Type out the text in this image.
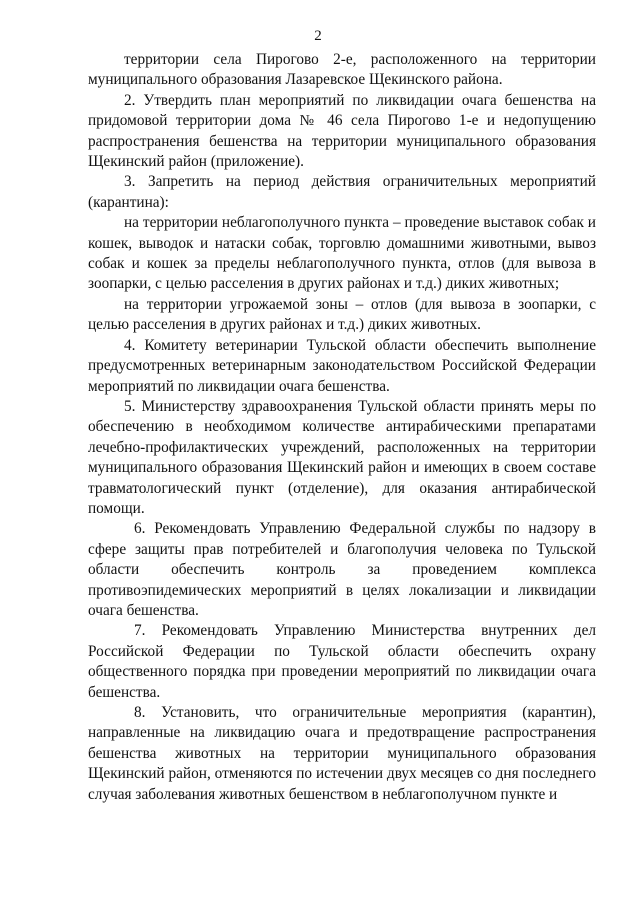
2

территории села Пирогово 2-е, расположенного на территории муниципального образования Лазаревское Щекинского района.

2. Утвердить план мероприятий по ликвидации очага бешенства на придомовой территории дома № 46 села Пирогово 1-е и недопущению распространения бешенства на территории муниципального образования Щекинский район (приложение).

3. Запретить на период действия ограничительных мероприятий (карантина):

на территории неблагополучного пункта – проведение выставок собак и кошек, выводок и натаски собак, торговлю домашними животными, вывоз собак и кошек за пределы неблагополучного пункта, отлов (для вывоза в зоопарки, с целью расселения в других районах и т.д.) диких животных;

на территории угрожаемой зоны – отлов (для вывоза в зоопарки, с целью расселения в других районах и т.д.) диких животных.

4. Комитету ветеринарии Тульской области обеспечить выполнение предусмотренных ветеринарным законодательством Российской Федерации мероприятий по ликвидации очага бешенства.

5. Министерству здравоохранения Тульской области принять меры по обеспечению в необходимом количестве антирабическими препаратами лечебно-профилактических учреждений, расположенных на территории муниципального образования Щекинский район и имеющих в своем составе травматологический пункт (отделение), для оказания антирабической помощи.

6. Рекомендовать Управлению Федеральной службы по надзору в сфере защиты прав потребителей и благополучия человека по Тульской области обеспечить контроль за проведением комплекса противоэпидемических мероприятий в целях локализации и ликвидации очага бешенства.

7. Рекомендовать Управлению Министерства внутренних дел Российской Федерации по Тульской области обеспечить охрану общественного порядка при проведении мероприятий по ликвидации очага бешенства.

8. Установить, что ограничительные мероприятия (карантин), направленные на ликвидацию очага и предотвращение распространения бешенства животных на территории муниципального образования Щекинский район, отменяются по истечении двух месяцев со дня последнего случая заболевания животных бешенством в неблагополучном пункте и
